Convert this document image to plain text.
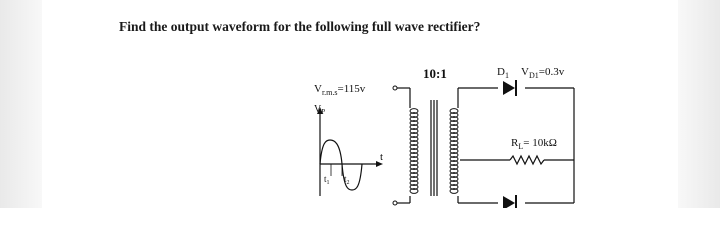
Find the output waveform for the following full wave rectifier?
10:1
$V_{r.m.s}=115v$
$V_P$
$D_1$ $V_{D1}=0.3v$
$R_L= 10k\Omega$
t
$t_1$ $t_2$
